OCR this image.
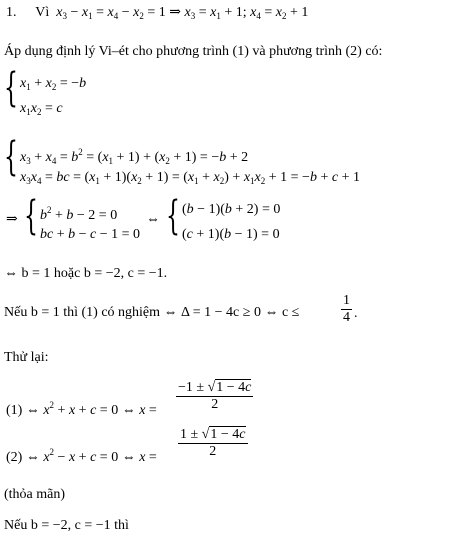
1. Vì  $x_3 - x_1 = x_4 - x_2 = 1$ ⇒ $x_3 = x_1 + 1$; $x_4 = x_2 + 1$
Áp dụng định lý Vi–ét cho phương trình (1) và phương trình (2) có:
{ $x_1 + x_2 = -b$
$x_1x_2 = c$
{ $x_3 + x_4 = b^2 = (x_1 + 1) + (x_2 + 1) = -b + 2$
$x_3x_4$ = bc = $(x_1 + 1)(x_2 + 1) = (x_1 + x_2) + x_1x_2 + 1 = -b + c + 1$
⇒ { $b^2 + b - 2 = 0$
bc + b − c − 1 = 0
⇔ { (b − 1)(b + 2) = 0
(c + 1)(b − 1) = 0
⇔ b = 1 hoặc b = −2, c = −1.
Nếu b = 1 thì (1) có nghiệm ⇔ Δ = 1 − 4c ≥ 0 ⇔ c ≤	$\frac{1}{4}$ .
Thử lại:
(1) ⇔ $x^2 + x + c = 0$ ⇔ $x = \frac{-1 \pm √1 - 4c}{2}$
(2) ⇔ $x^2 - x + c = 0$ ⇔ $x = \frac{1 \pm √1 - 4c}{2}$
(thỏa mãn)
Nếu b = −2, c = −1 thì
